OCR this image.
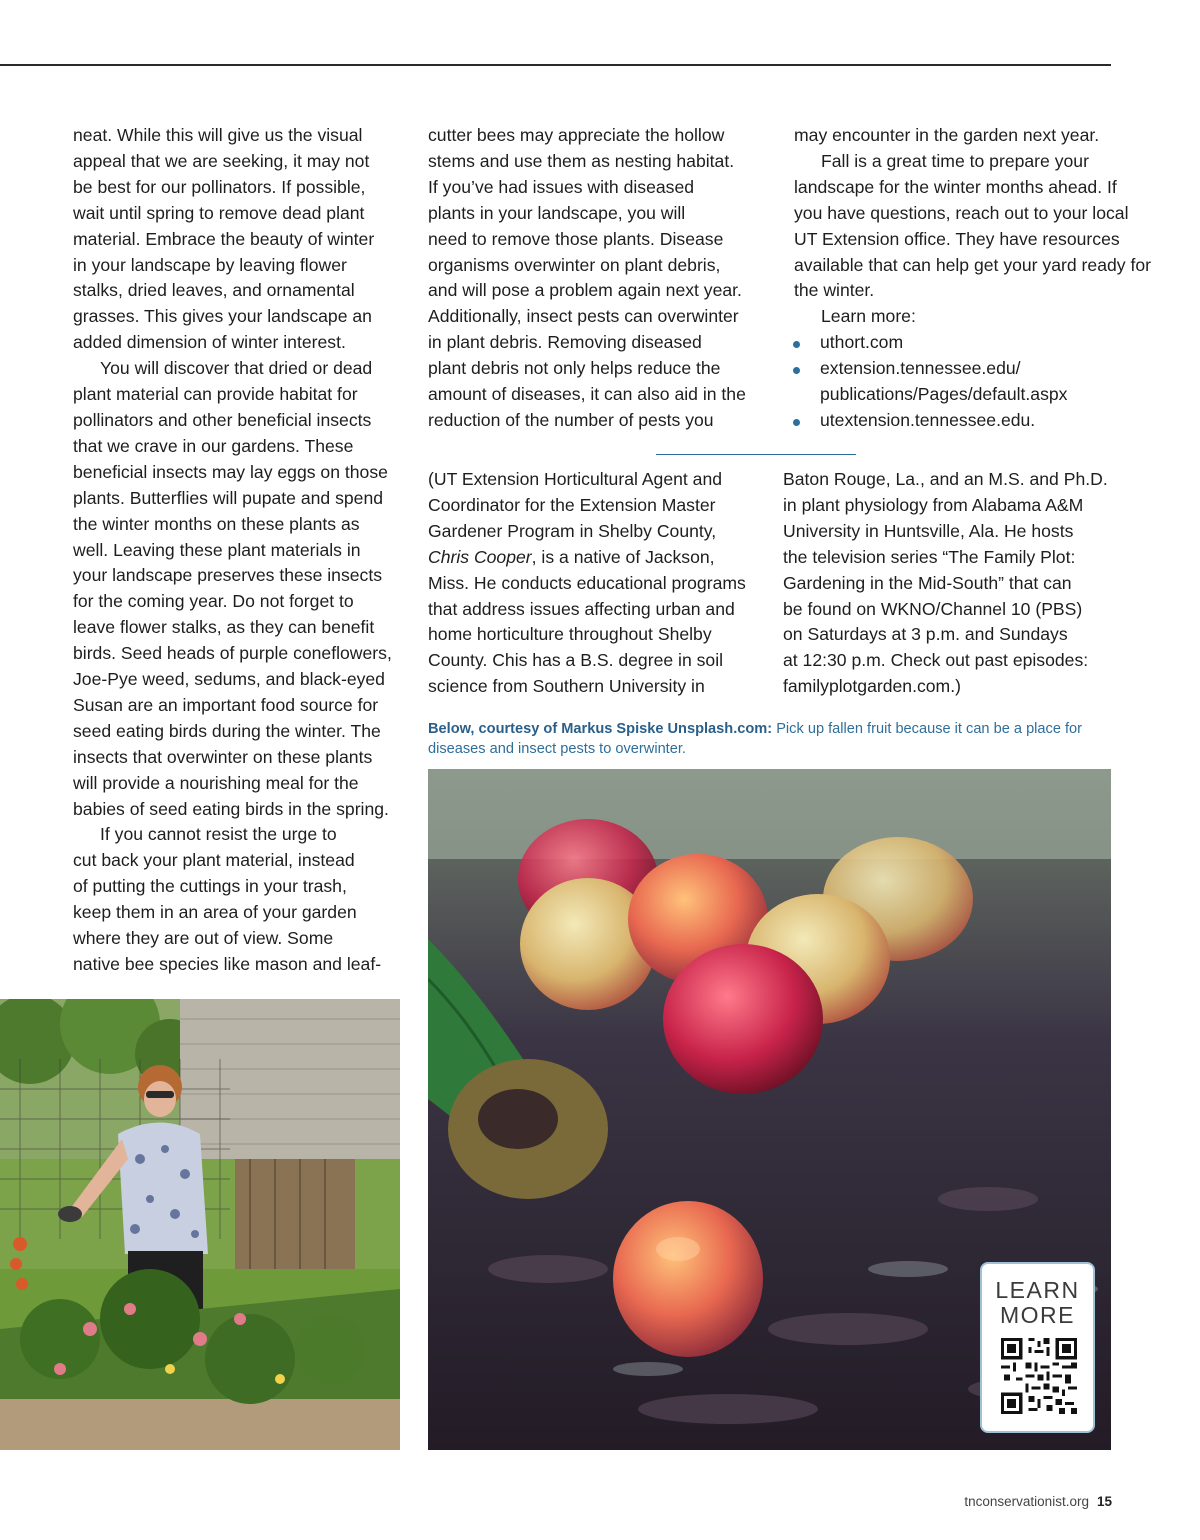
neat. While this will give us the visual
appeal that we are seeking, it may not
be best for our pollinators. If possible,
wait until spring to remove dead plant
material. Embrace the beauty of winter
in your landscape by leaving flower
stalks, dried leaves, and ornamental
grasses. This gives your landscape an
added dimension of winter interest.

You will discover that dried or dead
plant material can provide habitat for
pollinators and other beneficial insects
that we crave in our gardens. These
beneficial insects may lay eggs on those
plants. Butterflies will pupate and spend
the winter months on these plants as
well. Leaving these plant materials in
your landscape preserves these insects
for the coming year. Do not forget to
leave flower stalks, as they can benefit
birds. Seed heads of purple coneflowers,
Joe-Pye weed, sedums, and black-eyed
Susan are an important food source for
seed eating birds during the winter. The
insects that overwinter on these plants
will provide a nourishing meal for the
babies of seed eating birds in the spring.

If you cannot resist the urge to
cut back your plant material, instead
of putting the cuttings in your trash,
keep them in an area of your garden
where they are out of view. Some
native bee species like mason and leaf-

cutter bees may appreciate the hollow
stems and use them as nesting habitat.
If you’ve had issues with diseased
plants in your landscape, you will
need to remove those plants. Disease
organisms overwinter on plant debris,
and will pose a problem again next year.
Additionally, insect pests can overwinter
in plant debris. Removing diseased
plant debris not only helps reduce the
amount of diseases, it can also aid in the
reduction of the number of pests you

may encounter in the garden next year.

Fall is a great time to prepare your
landscape for the winter months ahead. If
you have questions, reach out to your local
UT Extension office. They have resources
available that can help get your yard ready for
the winter.

Learn more:

uthort.com
extension.tennessee.edu/
publications/Pages/default.aspx
utextension.tennessee.edu.
(UT Extension Horticultural Agent and
Coordinator for the Extension Master
Gardener Program in Shelby County,
Chris Cooper, is a native of Jackson,
Miss. He conducts educational programs
that address issues affecting urban and
home horticulture throughout Shelby
County. Chis has a B.S. degree in soil
science from Southern University in
Baton Rouge, La., and an M.S. and Ph.D.
in plant physiology from Alabama A&M
University in Huntsville, Ala. He hosts
the television series “The Family Plot:
Gardening in the Mid-South” that can
be found on WKNO/Channel 10 (PBS)
on Saturdays at 3 p.m. and Sundays
at 12:30 p.m. Check out past episodes:
familyplotgarden.com.)
Below, courtesy of Markus Spiske Unsplash.com: Pick up fallen fruit because it can be a place for diseases and insect pests to overwinter.
LEARN
MORE
tnconservationist.org 15
